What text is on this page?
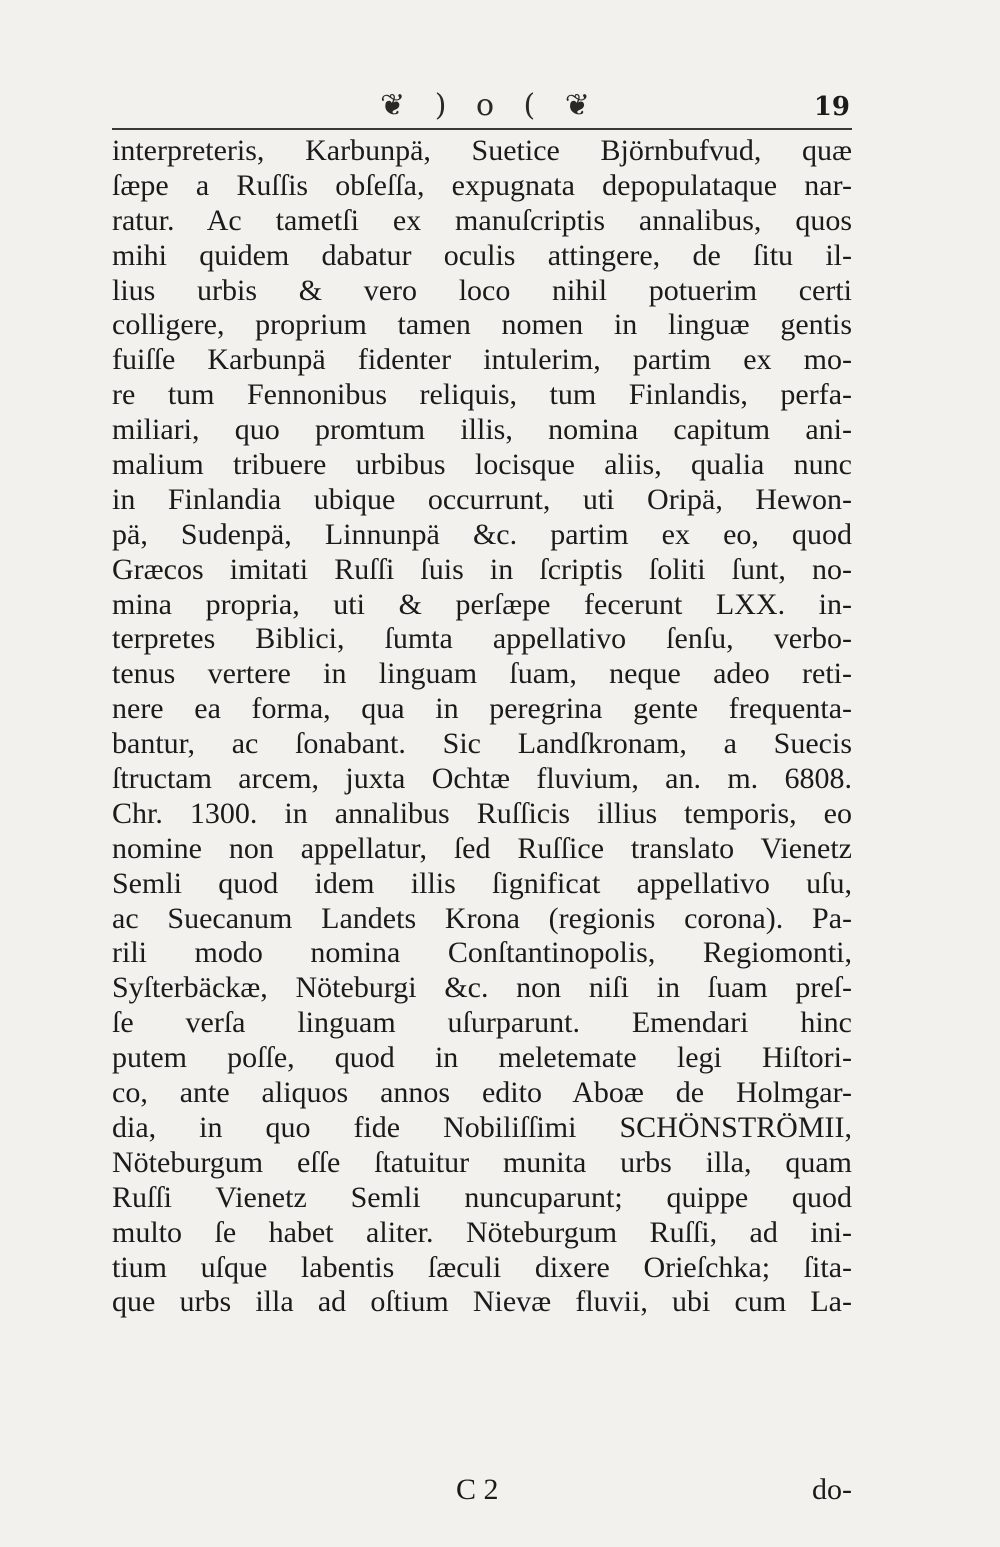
❦ ) o ( ❦	19
interpreteris, Karbunpä, Suetice Björnbufvud, quæ
ſæpe a Ruſſis obſeſſa, expugnata depopulataque nar-
ratur. Ac tametſi ex manuſcriptis annalibus, quos
mihi quidem dabatur oculis attingere, de ſitu il-
lius urbis & vero loco nihil potuerim certi
colligere, proprium tamen nomen in linguæ gentis
fuiſſe Karbunpä fidenter intulerim, partim ex mo-
re tum Fennonibus reliquis, tum Finlandis, perfa-
miliari, quo promtum illis, nomina capitum ani-
malium tribuere urbibus locisque aliis, qualia nunc
in Finlandia ubique occurrunt, uti Oripä, Hewon-
pä, Sudenpä, Linnunpä &c. partim ex eo, quod
Græcos imitati Ruſſi ſuis in ſcriptis ſoliti ſunt, no-
mina propria, uti & perſæpe fecerunt LXX. in-
terpretes Biblici, ſumta appellativo ſenſu, verbo-
tenus vertere in linguam ſuam, neque adeo reti-
nere ea forma, qua in peregrina gente frequenta-
bantur, ac ſonabant. Sic Landſkronam, a Suecis
ſtructam arcem, juxta Ochtæ fluvium, an. m. 6808.
Chr. 1300. in annalibus Ruſſicis illius temporis, eo
nomine non appellatur, ſed Ruſſice translato Vienetz
Semli quod idem illis ſignificat appellativo uſu,
ac Suecanum Landets Krona (regionis corona). Pa-
rili modo nomina Conſtantinopolis, Regiomonti,
Syſterbäckæ, Nöteburgi &c. non niſi in ſuam preſ-
ſe verſa linguam uſurparunt. Emendari hinc
putem poſſe, quod in meletemate legi Hiſtori-
co, ante aliquos annos edito Aboæ de Holmgar-
dia, in quo fide Nobiliſſimi SCHÖNSTRÖMII,
Nöteburgum eſſe ſtatuitur munita urbs illa, quam
Ruſſi Vienetz Semli nuncuparunt; quippe quod
multo ſe habet aliter. Nöteburgum Ruſſi, ad ini-
tium uſque labentis ſæculi dixere Orieſchka; ſita-
que urbs illa ad oſtium Nievæ fluvii, ubi cum La-
C 2	do-
